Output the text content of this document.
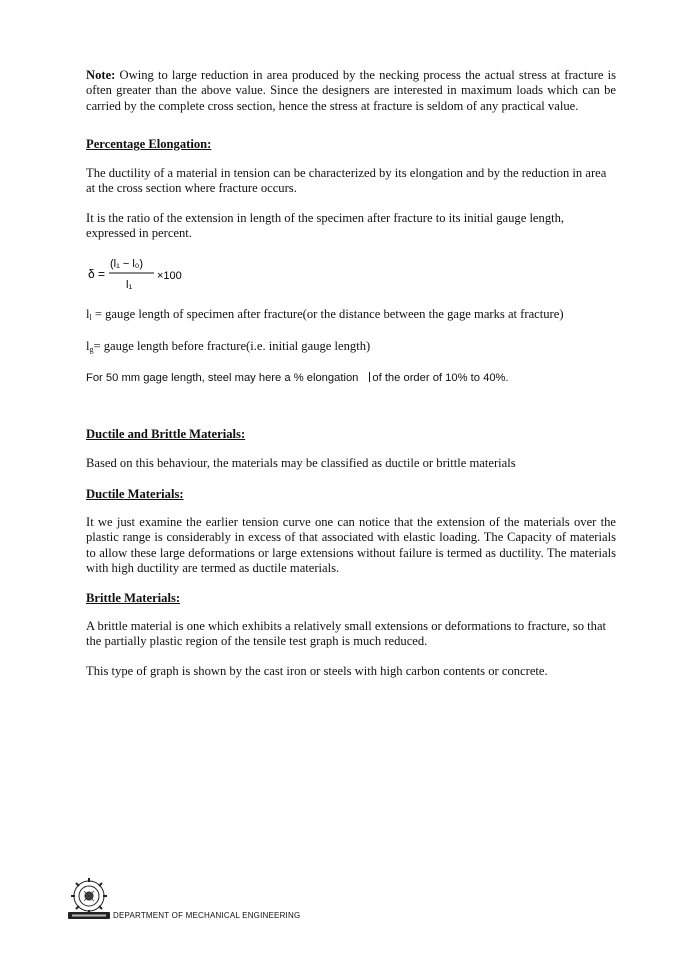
Note: Owing to large reduction in area produced by the necking process the actual stress at fracture is often greater than the above value. Since the designers are interested in maximum loads which can be carried by the complete cross section, hence the stress at fracture is seldom of any practical value.

Percentage Elongation:

The ductility of a material in tension can be characterized by its elongation and by the reduction in area at the cross section where fracture occurs.

It is the ratio of the extension in length of the specimen after fracture to its initial gauge length, expressed in percent.

δ =
(l₁ − l₀)
l₁
×100

$l_l$ = gauge length of specimen after fracture(or the distance between the gage marks at fracture)

$l_g=$ gauge length before fracture(i.e. initial gauge length)

For 50 mm gage length, steel may here a % elongation of the order of 10% to 40%.

Ductile and Brittle Materials:

Based on this behaviour, the materials may be classified as ductile or brittle materials

Ductile Materials:

It we just examine the earlier tension curve one can notice that the extension of the materials over the plastic range is considerably in excess of that associated with elastic loading. The Capacity of materials to allow these large deformations or large extensions without failure is termed as ductility. The materials with high ductility are termed as ductile materials.

Brittle Materials:

A brittle material is one which exhibits a relatively small extensions or deformations to fracture, so that the partially plastic region of the tensile test graph is much reduced.

This type of graph is shown by the cast iron or steels with high carbon contents or concrete.

DEPARTMENT OF MECHANICAL ENGINEERING
